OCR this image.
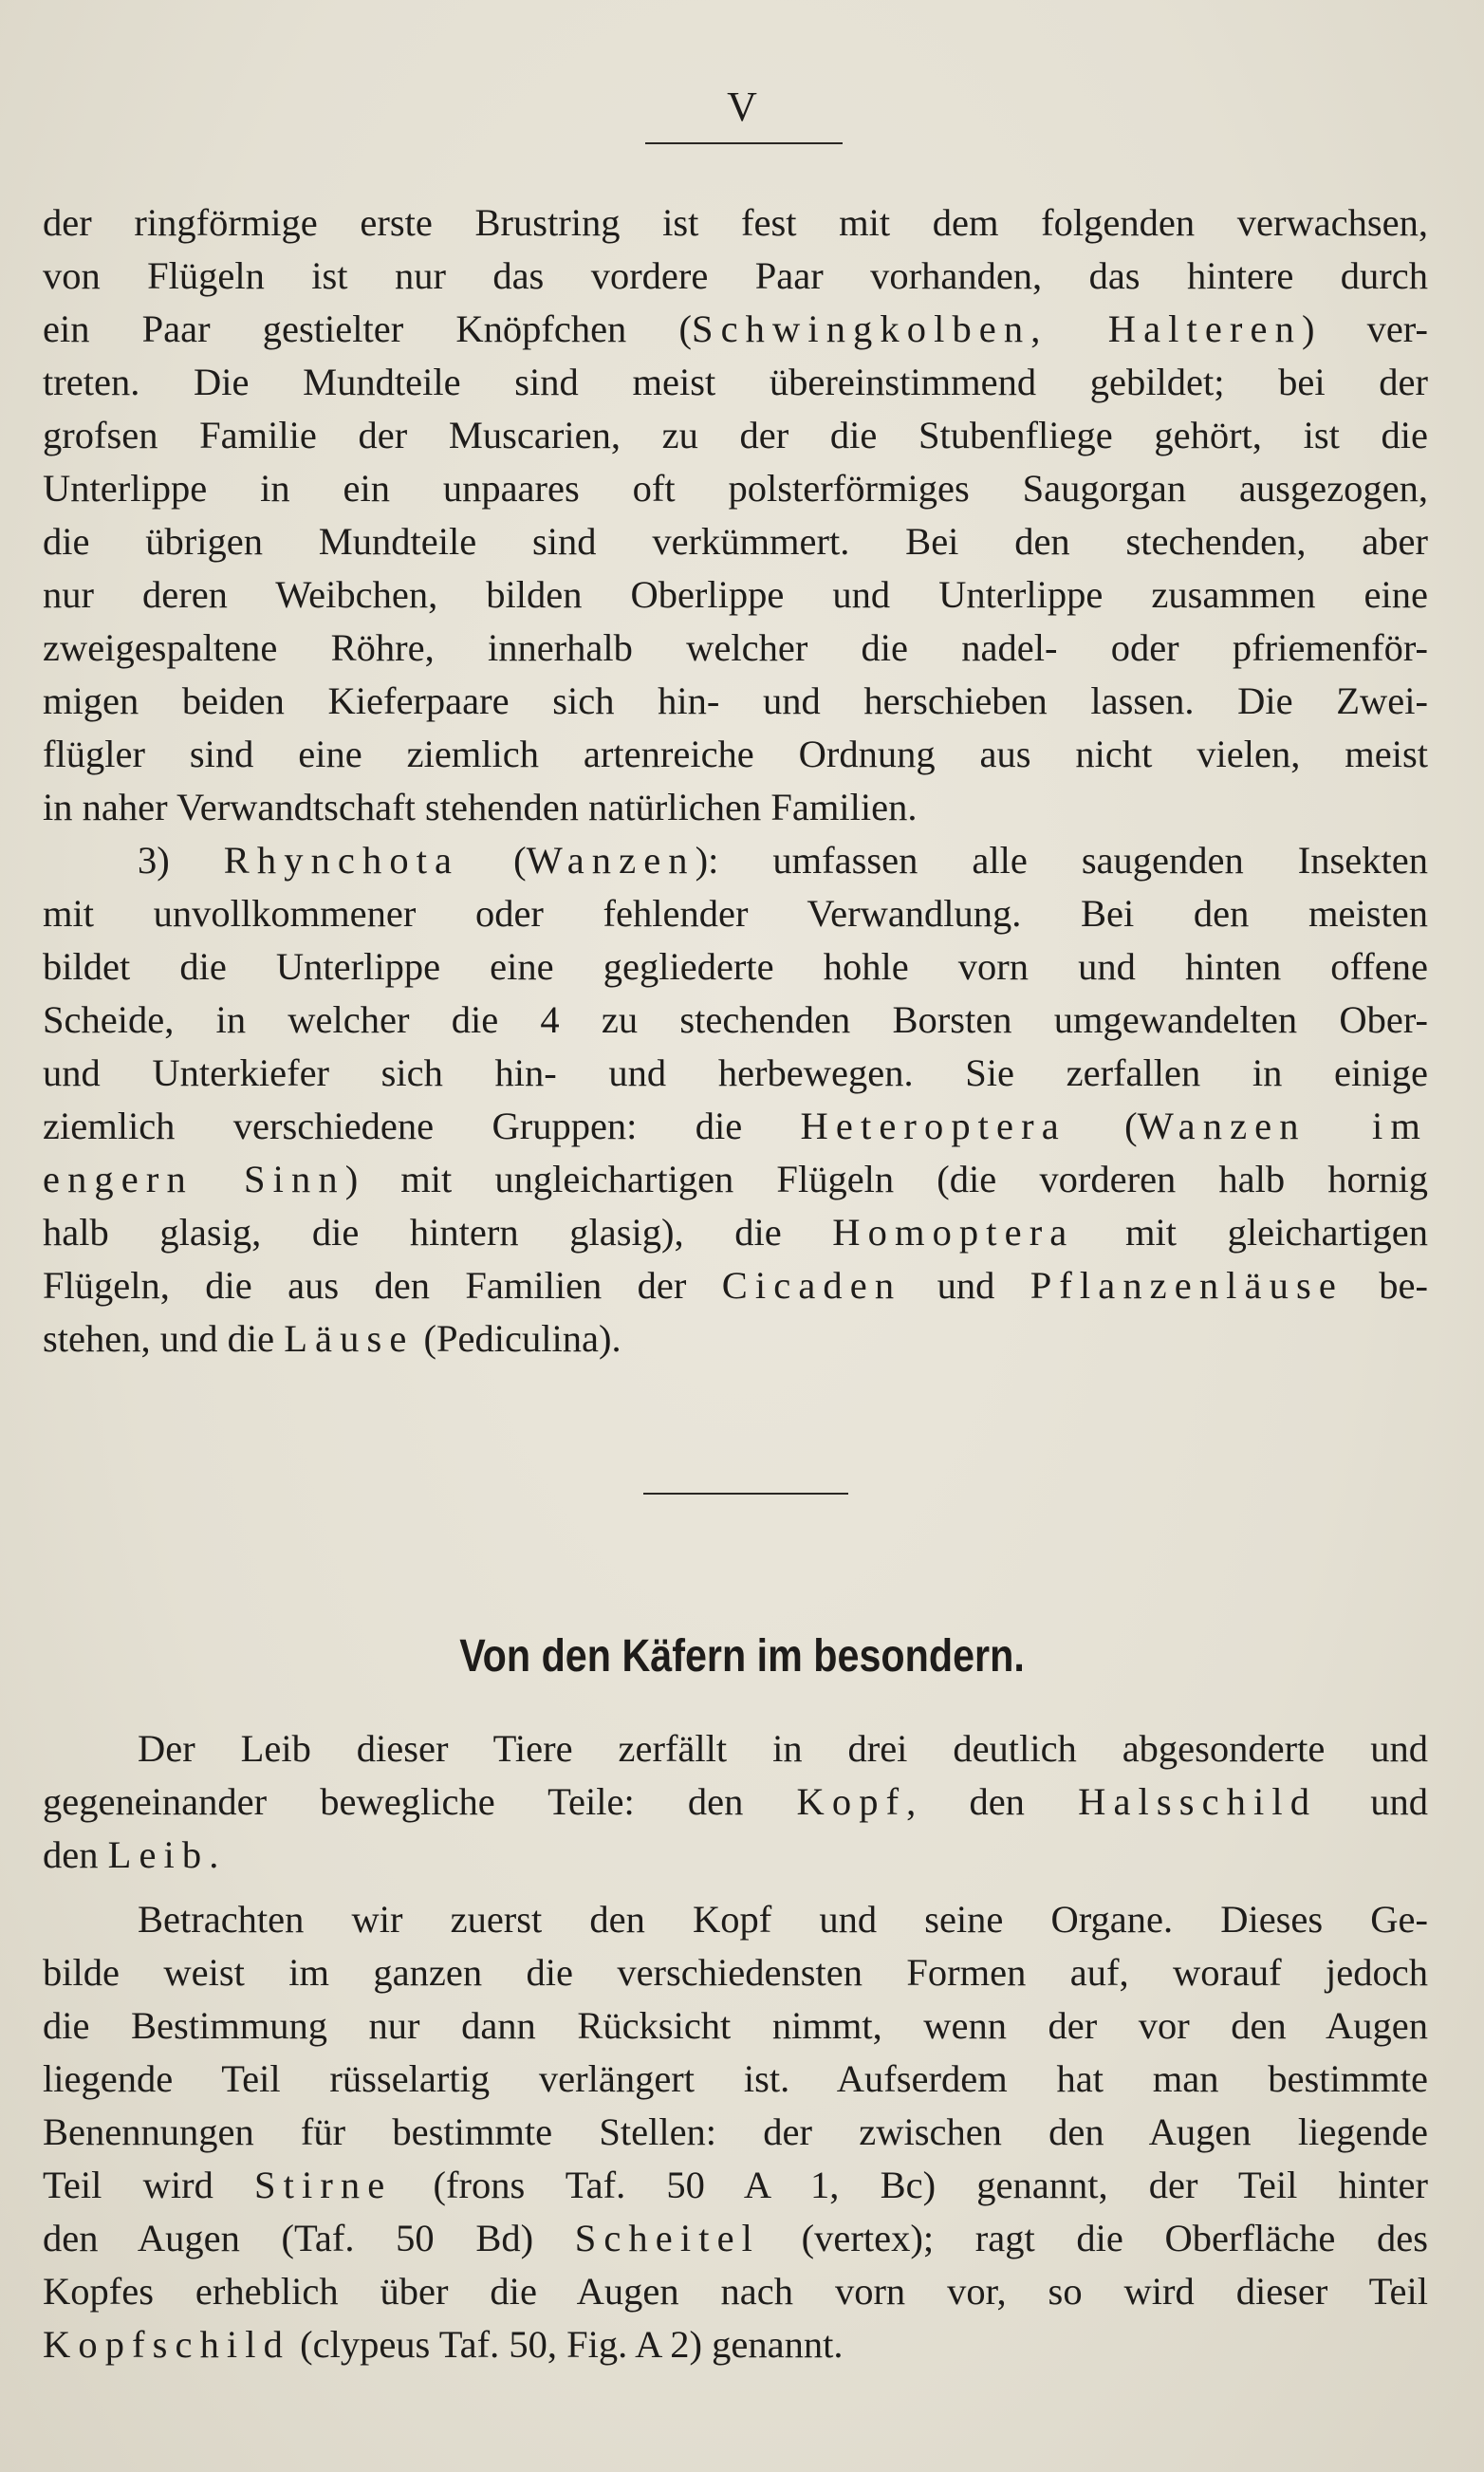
V
der ringförmige erste Brustring ist fest mit dem folgenden verwachsen,
von Flügeln ist nur das vordere Paar vorhanden, das hintere durch
ein Paar gestielter Knöpfchen (Schwingkolben, Halteren) ver-
treten. Die Mundteile sind meist übereinstimmend gebildet; bei der
grofsen Familie der Muscarien, zu der die Stubenfliege gehört, ist die
Unterlippe in ein unpaares oft polsterförmiges Saugorgan ausgezogen,
die übrigen Mundteile sind verkümmert. Bei den stechenden, aber
nur deren Weibchen, bilden Oberlippe und Unterlippe zusammen eine
zweigespaltene Röhre, innerhalb welcher die nadel- oder pfriemenför-
migen beiden Kieferpaare sich hin- und herschieben lassen. Die Zwei-
flügler sind eine ziemlich artenreiche Ordnung aus nicht vielen, meist
in naher Verwandtschaft stehenden natürlichen Familien.
3) Rhynchota (Wanzen): umfassen alle saugenden Insekten
mit unvollkommener oder fehlender Verwandlung. Bei den meisten
bildet die Unterlippe eine gegliederte hohle vorn und hinten offene
Scheide, in welcher die 4 zu stechenden Borsten umgewandelten Ober-
und Unterkiefer sich hin- und herbewegen. Sie zerfallen in einige
ziemlich verschiedene Gruppen: die Heteroptera (Wanzen im
engern Sinn) mit ungleichartigen Flügeln (die vorderen halb hornig
halb glasig, die hintern glasig), die Homoptera mit gleichartigen
Flügeln, die aus den Familien der Cicaden und Pflanzenläuse be-
stehen, und die Läuse (Pediculina).
Von den Käfern im besondern.
Der Leib dieser Tiere zerfällt in drei deutlich abgesonderte und
gegeneinander bewegliche Teile: den Kopf, den Halsschild und
den Leib.
Betrachten wir zuerst den Kopf und seine Organe. Dieses Ge-
bilde weist im ganzen die verschiedensten Formen auf, worauf jedoch
die Bestimmung nur dann Rücksicht nimmt, wenn der vor den Augen
liegende Teil rüsselartig verlängert ist. Aufserdem hat man bestimmte
Benennungen für bestimmte Stellen: der zwischen den Augen liegende
Teil wird Stirne (frons Taf. 50 A 1, Bc) genannt, der Teil hinter
den Augen (Taf. 50 Bd) Scheitel (vertex); ragt die Oberfläche des
Kopfes erheblich über die Augen nach vorn vor, so wird dieser Teil
Kopfschild (clypeus Taf. 50, Fig. A 2) genannt.
